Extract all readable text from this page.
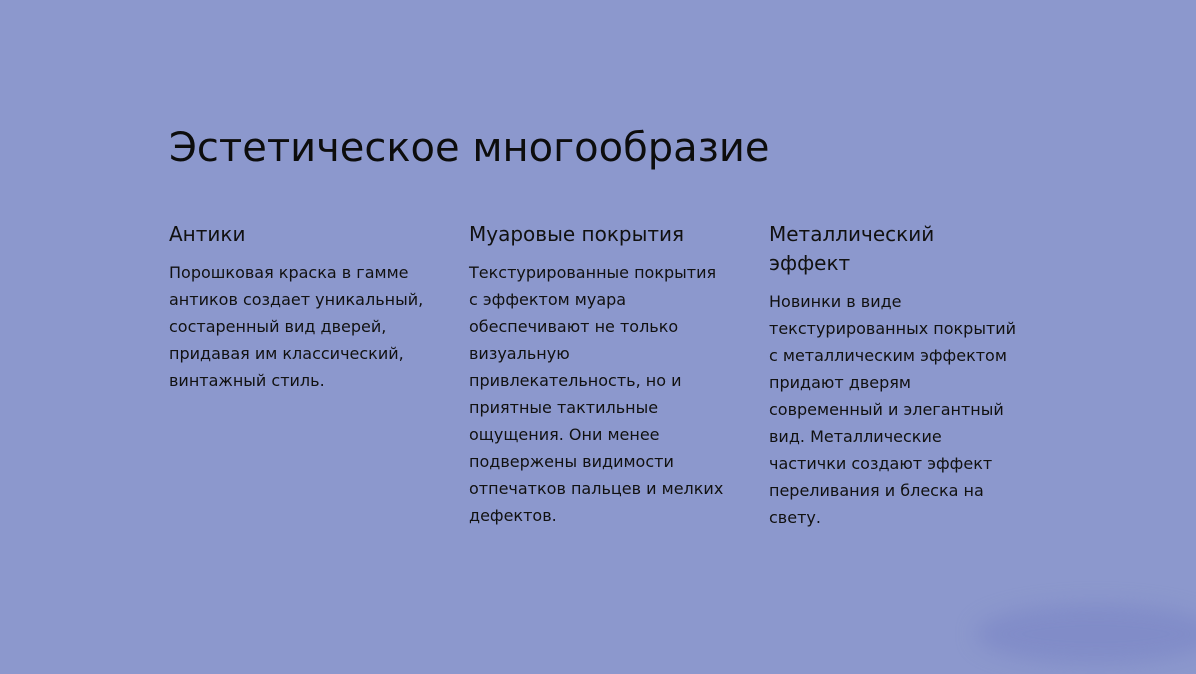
Эстетическое многообразие
Антики

Порошковая краска в гамме антиков создает уникальный, состаренный вид дверей, придавая им классический, винтажный стиль.

Муаровые покрытия

Текстурированные покрытия с эффектом муара обеспечивают не только визуальную привлекательность, но и приятные тактильные ощущения. Они менее подвержены видимости отпечатков пальцев и мелких дефектов.

Металлический эффект

Новинки в виде текстурированных покрытий с металлическим эффектом придают дверям современный и элегантный вид. Металлические частички создают эффект переливания и блеска на свету.
